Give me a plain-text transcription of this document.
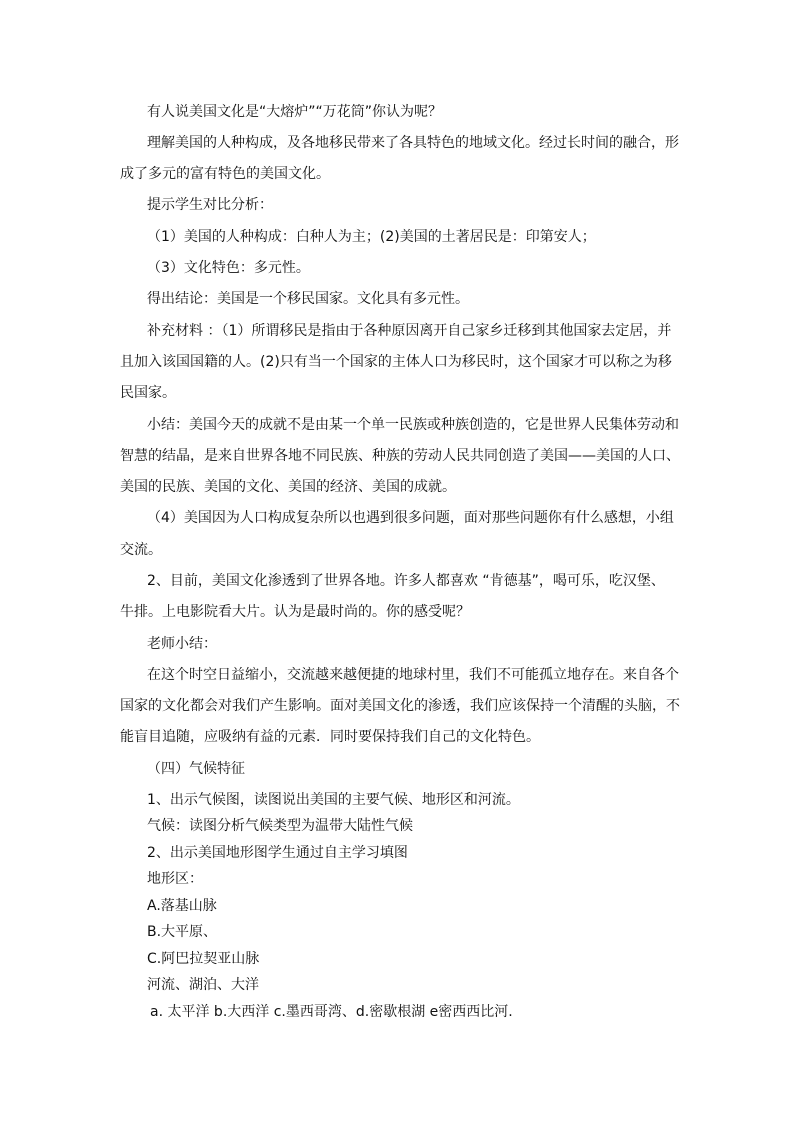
有人说美国文化是“大熔炉”“万花筒”你认为呢？

理解美国的人种构成，及各地移民带来了各具特色的地域文化。经过长时间的融合，形

成了多元的富有特色的美国文化。

提示学生对比分析：

（1）美国的人种构成：白种人为主；(2)美国的土著居民是：印第安人；

（3）文化特色：多元性。

得出结论：美国是一个移民国家。文化具有多元性。

补充材料 ：（1）所谓移民是指由于各种原因离开自己家乡迁移到其他国家去定居，并

且加入该国国籍的人。(2)只有当一个国家的主体人口为移民时，这个国家才可以称之为移

民国家。

小结：美国今天的成就不是由某一个单一民族或种族创造的，它是世界人民集体劳动和

智慧的结晶，是来自世界各地不同民族、种族的劳动人民共同创造了美国——美国的人口、

美国的民族、美国的文化、美国的经济、美国的成就。

（4）美国因为人口构成复杂所以也遇到很多问题，面对那些问题你有什么感想，小组

交流。

2、目前，美国文化渗透到了世界各地。许多人都喜欢 “肯德基”，喝可乐，吃汉堡、

牛排。上电影院看大片。认为是最时尚的。你的感受呢？

老师小结：

在这个时空日益缩小，交流越来越便捷的地球村里，我们不可能孤立地存在。来自各个

国家的文化都会对我们产生影响。面对美国文化的渗透，我们应该保持一个清醒的头脑，不

能盲目追随，应吸纳有益的元素．同时要保持我们自己的文化特色。

（四）气候特征

1、出示气候图，读图说出美国的主要气候、地形区和河流。

气候：读图分析气候类型为温带大陆性气候

2、出示美国地形图学生通过自主学习填图

地形区：

A.落基山脉

B.大平原、

C.阿巴拉契亚山脉

河流、湖泊、大洋

a. 太平洋 b.大西洋 c.墨西哥湾、d.密歇根湖 e密西西比河.
